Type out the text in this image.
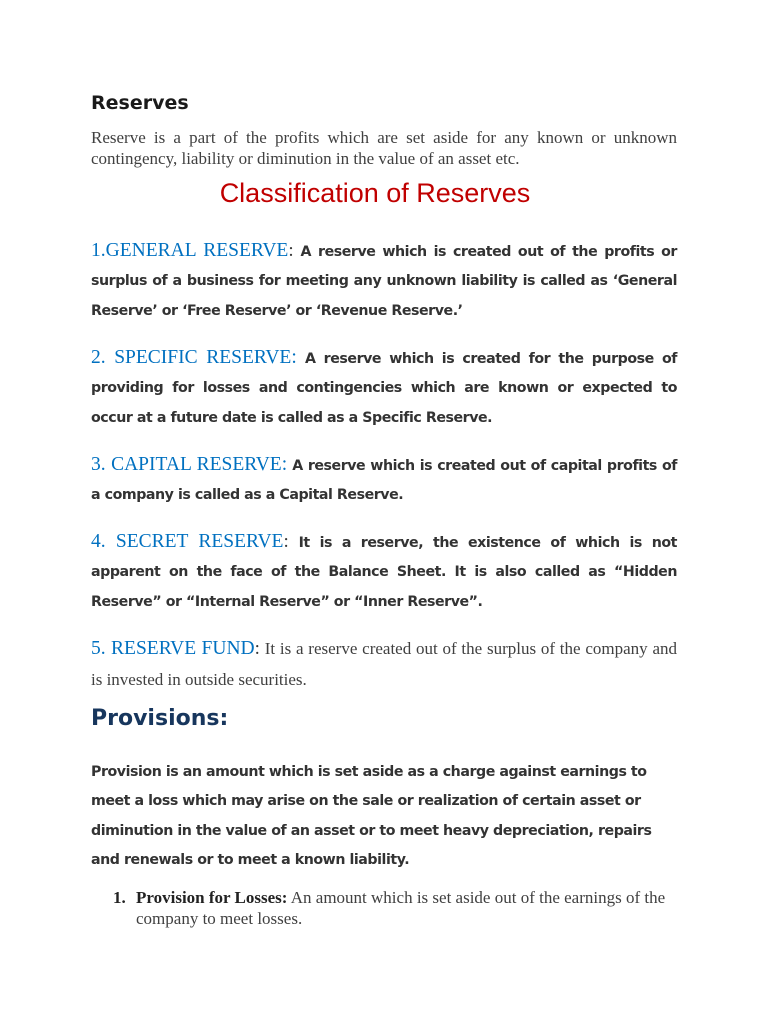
Reserves

Reserve is a part of the profits which are set aside for any known or unknown contingency, liability or diminution in the value of an asset etc.

Classification of Reserves

1.GENERAL RESERVE: A reserve which is created out of the profits or surplus of a business for meeting any unknown liability is called as ‘General Reserve’ or ‘Free Reserve’ or ‘Revenue Reserve.’

2. SPECIFIC RESERVE: A reserve which is created for the purpose of providing for losses and contingencies which are known or expected to occur at a future date is called as a Specific Reserve.

3. CAPITAL RESERVE: A reserve which is created out of capital profits of a company is called as a Capital Reserve.

4. SECRET RESERVE: It is a reserve, the existence of which is not apparent on the face of the Balance Sheet. It is also called as “Hidden Reserve” or “Internal Reserve” or “Inner Reserve”.

5. RESERVE FUND: It is a reserve created out of the surplus of the company and is invested in outside securities.

Provisions:

Provision is an amount which is set aside as a charge against earnings to meet a loss which may arise on the sale or realization of certain asset or diminution in the value of an asset or to meet heavy depreciation, repairs and renewals or to meet a known liability.

1. Provision for Losses: An amount which is set aside out of the earnings of the company to meet losses.
